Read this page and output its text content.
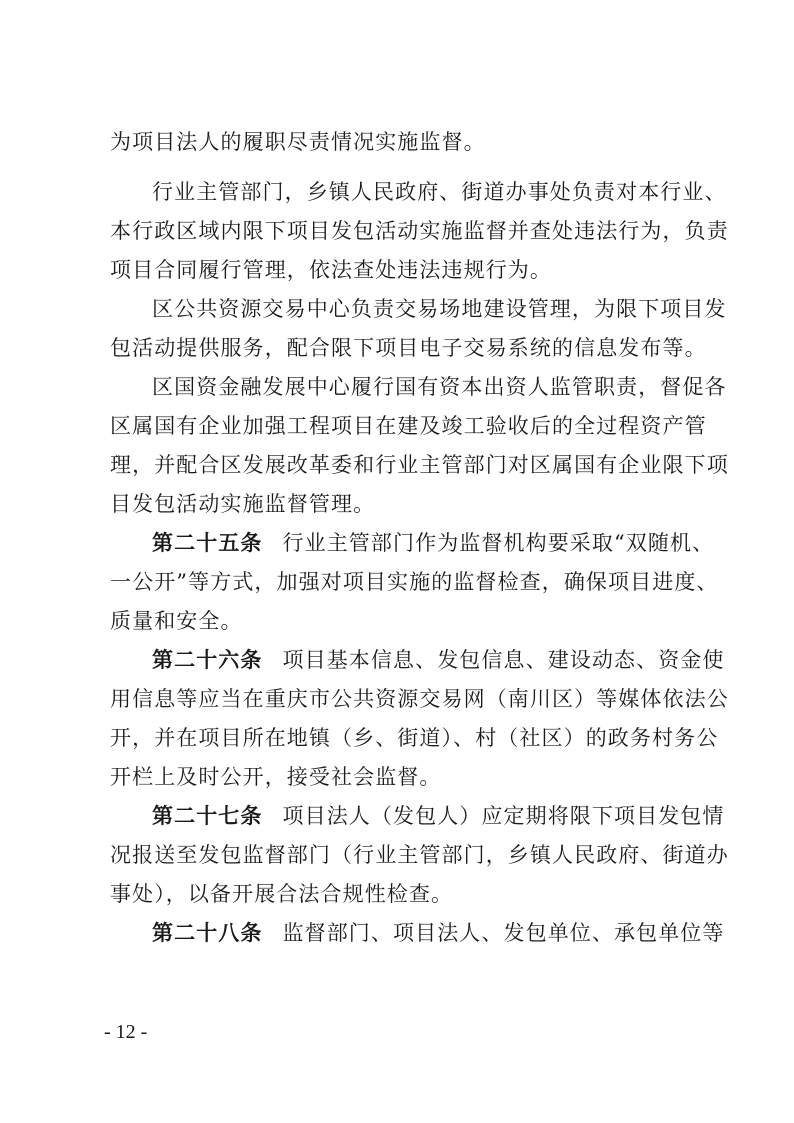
为项目法人的履职尽责情况实施监督。
行业主管部门，乡镇人民政府、街道办事处负责对本行业、
本行政区域内限下项目发包活动实施监督并查处违法行为，负责
项目合同履行管理，依法查处违法违规行为。
区公共资源交易中心负责交易场地建设管理，为限下项目发
包活动提供服务，配合限下项目电子交易系统的信息发布等。
区国资金融发展中心履行国有资本出资人监管职责，督促各
区属国有企业加强工程项目在建及竣工验收后的全过程资产管
理，并配合区发展改革委和行业主管部门对区属国有企业限下项
目发包活动实施监督管理。
第二十五条 行业主管部门作为监督机构要采取“双随机、
一公开”等方式，加强对项目实施的监督检查，确保项目进度、
质量和安全。
第二十六条 项目基本信息、发包信息、建设动态、资金使
用信息等应当在重庆市公共资源交易网（南川区）等媒体依法公
开，并在项目所在地镇（乡、街道）、村（社区）的政务村务公
开栏上及时公开，接受社会监督。
第二十七条 项目法人（发包人）应定期将限下项目发包情
况报送至发包监督部门（行业主管部门，乡镇人民政府、街道办
事处），以备开展合法合规性检查。
第二十八条 监督部门、项目法人、发包单位、承包单位等
- 12 -
